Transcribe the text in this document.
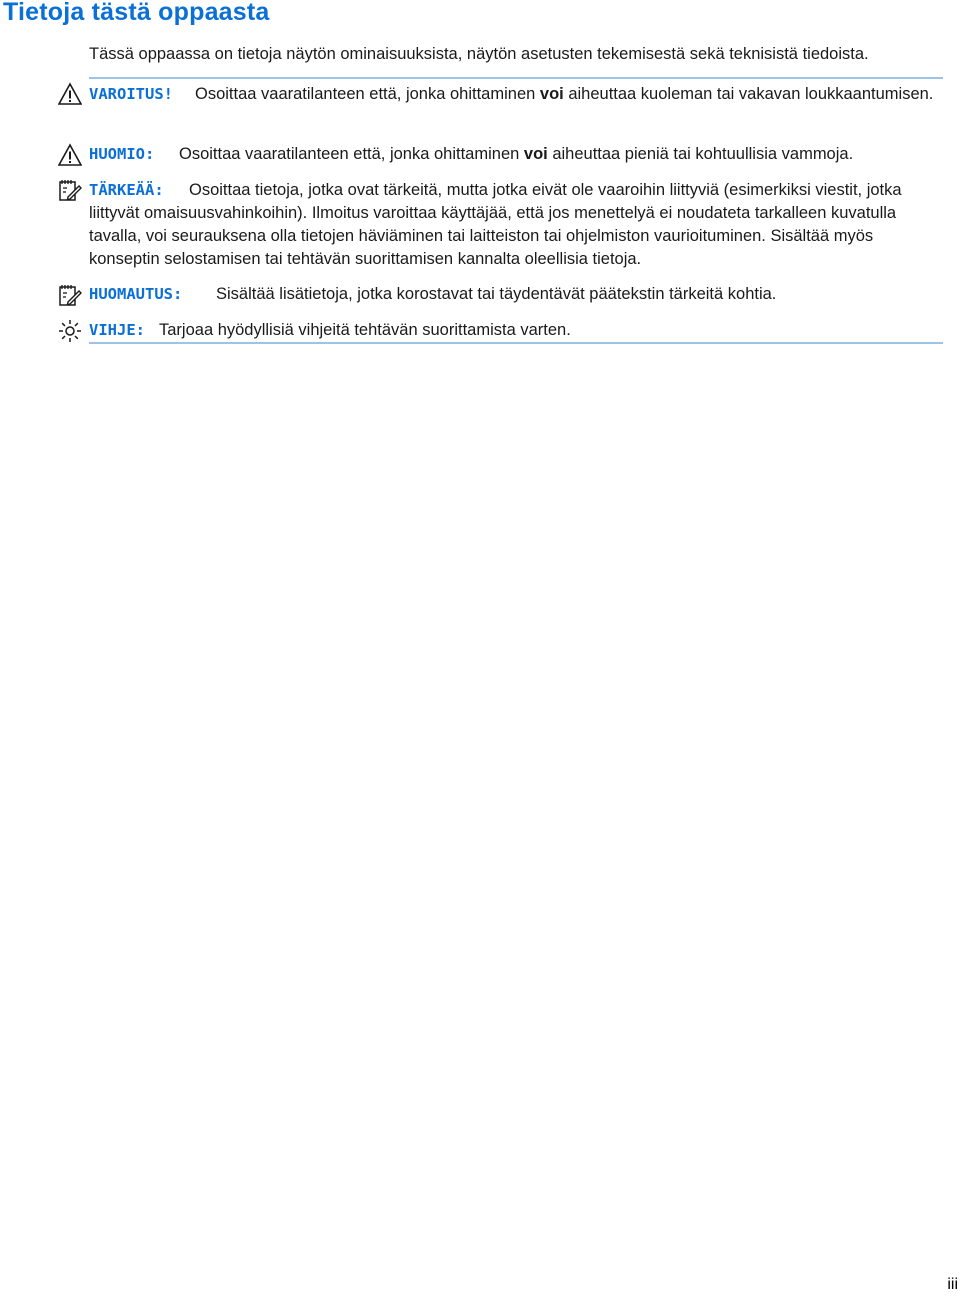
Tietoja tästä oppaasta
Tässä oppaassa on tietoja näytön ominaisuuksista, näytön asetusten tekemisestä sekä teknisistä tiedoista.
VAROITUS! Osoittaa vaaratilanteen että, jonka ohittaminen voi aiheuttaa kuoleman tai vakavan loukkaantumisen.
HUOMIO: Osoittaa vaaratilanteen että, jonka ohittaminen voi aiheuttaa pieniä tai kohtuullisia vammoja.
TÄRKEÄÄ: Osoittaa tietoja, jotka ovat tärkeitä, mutta jotka eivät ole vaaroihin liittyviä (esimerkiksi viestit, jotka liittyvät omaisuusvahinkoihin). Ilmoitus varoittaa käyttäjää, että jos menettelyä ei noudateta tarkalleen kuvatulla tavalla, voi seurauksena olla tietojen häviäminen tai laitteiston tai ohjelmiston vaurioituminen. Sisältää myös konseptin selostamisen tai tehtävän suorittamisen kannalta oleellisia tietoja.
HUOMAUTUS: Sisältää lisätietoja, jotka korostavat tai täydentävät päätekstin tärkeitä kohtia.
VIHJE: Tarjoaa hyödyllisiä vihjeitä tehtävän suorittamista varten.
iii
